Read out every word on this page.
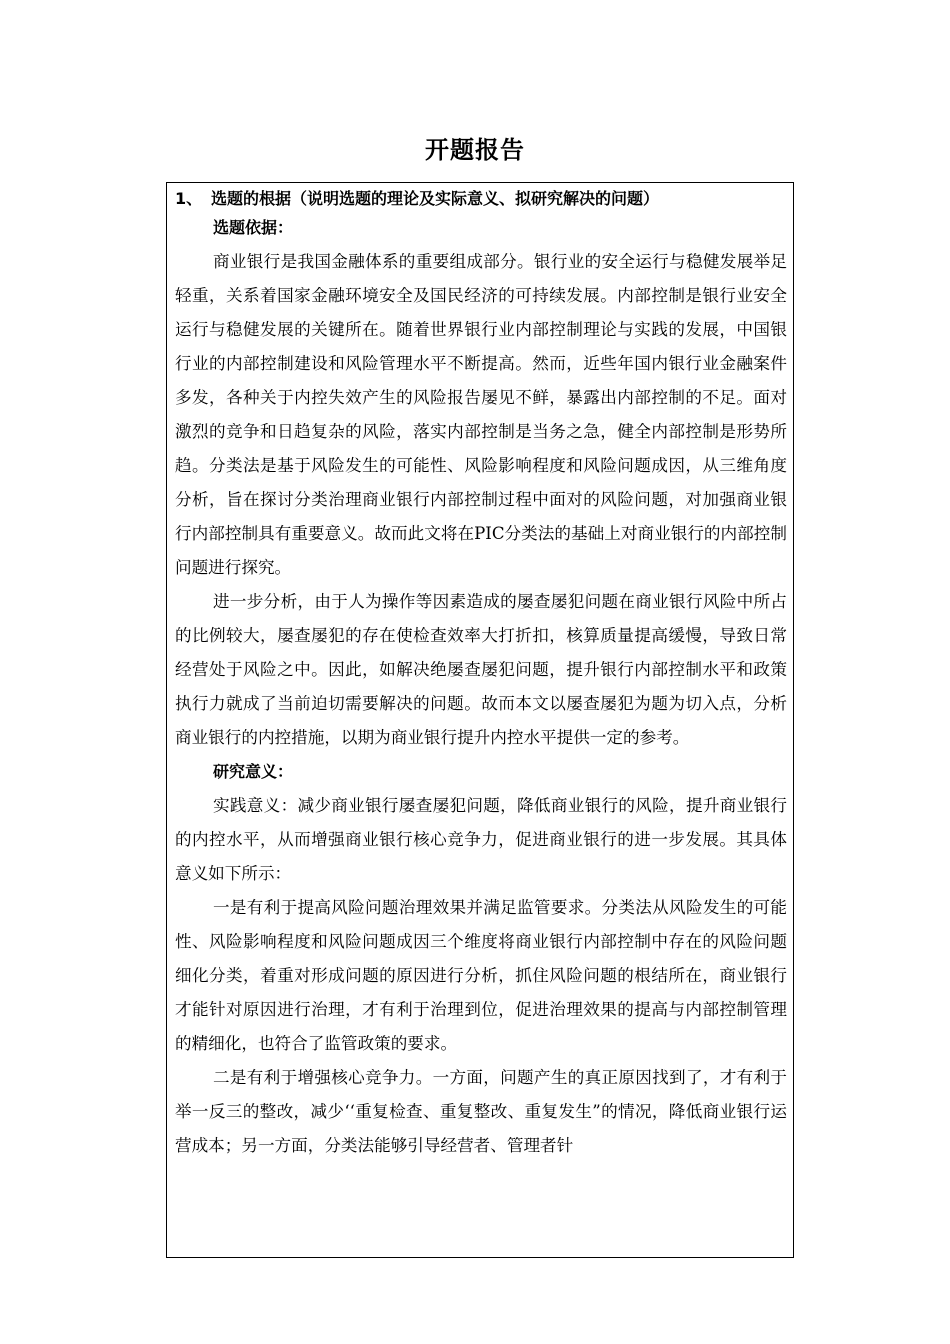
开题报告
1、 选题的根据（说明选题的理论及实际意义、拟研究解决的问题）

选题依据：

商业银行是我国金融体系的重要组成部分。银行业的安全运行与稳健发展举足轻重，关系着国家金融环境安全及国民经济的可持续发展。内部控制是银行业安全运行与稳健发展的关键所在。随着世界银行业内部控制理论与实践的发展，中国银行业的内部控制建设和风险管理水平不断提高。然而，近些年国内银行业金融案件多发，各种关于内控失效产生的风险报告屡见不鲜，暴露出内部控制的不足。面对激烈的竞争和日趋复杂的风险，落实内部控制是当务之急，健全内部控制是形势所趋。分类法是基于风险发生的可能性、风险影响程度和风险问题成因，从三维角度分析，旨在探讨分类治理商业银行内部控制过程中面对的风险问题，对加强商业银行内部控制具有重要意义。故而此文将在PIC分类法的基础上对商业银行的内部控制问题进行探究。

进一步分析，由于人为操作等因素造成的屡查屡犯问题在商业银行风险中所占的比例较大，屡查屡犯的存在使检查效率大打折扣，核算质量提高缓慢，导致日常经营处于风险之中。因此，如解决绝屡查屡犯问题，提升银行内部控制水平和政策执行力就成了当前迫切需要解决的问题。故而本文以屡查屡犯为题为切入点，分析商业银行的内控措施，以期为商业银行提升内控水平提供一定的参考。

研究意义：

实践意义：减少商业银行屡查屡犯问题，降低商业银行的风险，提升商业银行的内控水平，从而增强商业银行核心竞争力，促进商业银行的进一步发展。其具体意义如下所示：

一是有利于提高风险问题治理效果并满足监管要求。分类法从风险发生的可能性、风险影响程度和风险问题成因三个维度将商业银行内部控制中存在的风险问题细化分类，着重对形成问题的原因进行分析，抓住风险问题的根结所在，商业银行才能针对原因进行治理，才有利于治理到位，促进治理效果的提高与内部控制管理的精细化，也符合了监管政策的要求。

二是有利于增强核心竞争力。一方面，问题产生的真正原因找到了，才有利于举一反三的整改，减少‘‘重复检查、重复整改、重复发生”的情况，降低商业银行运营成本；另一方面，分类法能够引导经营者、管理者针
